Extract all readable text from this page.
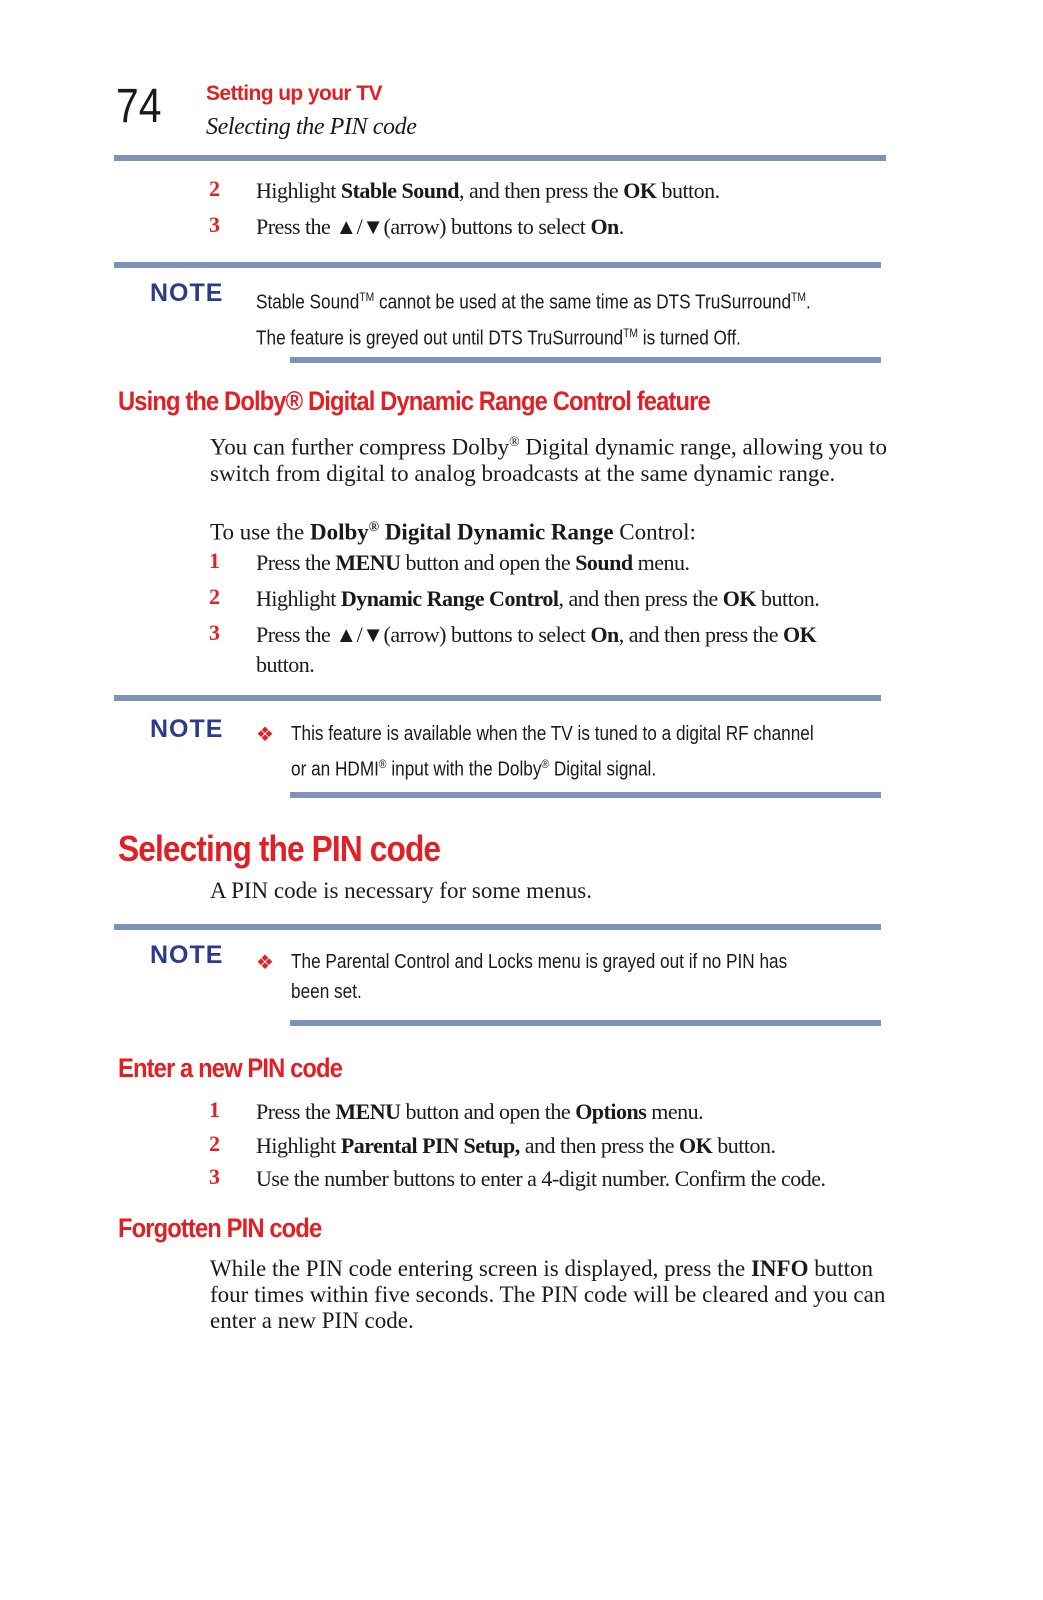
74 Setting up your TV
Selecting the PIN code
2 Highlight Stable Sound, and then press the OK button.
3 Press the ▲/▼(arrow) buttons to select On.
NOTE Stable Sound™ cannot be used at the same time as DTS TruSurround™.
The feature is greyed out until DTS TruSurround™ is turned Off.
Using the Dolby® Digital Dynamic Range Control feature
You can further compress Dolby® Digital dynamic range, allowing you to switch from digital to analog broadcasts at the same dynamic range.
To use the Dolby® Digital Dynamic Range Control:
1 Press the MENU button and open the Sound menu.
2 Highlight Dynamic Range Control, and then press the OK button.
3 Press the ▲/▼(arrow) buttons to select On, and then press the OK
button.
NOTE ❖ This feature is available when the TV is tuned to a digital RF channel
or an HDMI® input with the Dolby® Digital signal.
Selecting the PIN code
A PIN code is necessary for some menus.
NOTE ❖ The Parental Control and Locks menu is grayed out if no PIN has
been set.
Enter a new PIN code
1 Press the MENU button and open the Options menu.
2 Highlight Parental PIN Setup, and then press the OK button.
3 Use the number buttons to enter a 4-digit number. Confirm the code.
Forgotten PIN code
While the PIN code entering screen is displayed, press the INFO button four times within five seconds. The PIN code will be cleared and you can enter a new PIN code.
